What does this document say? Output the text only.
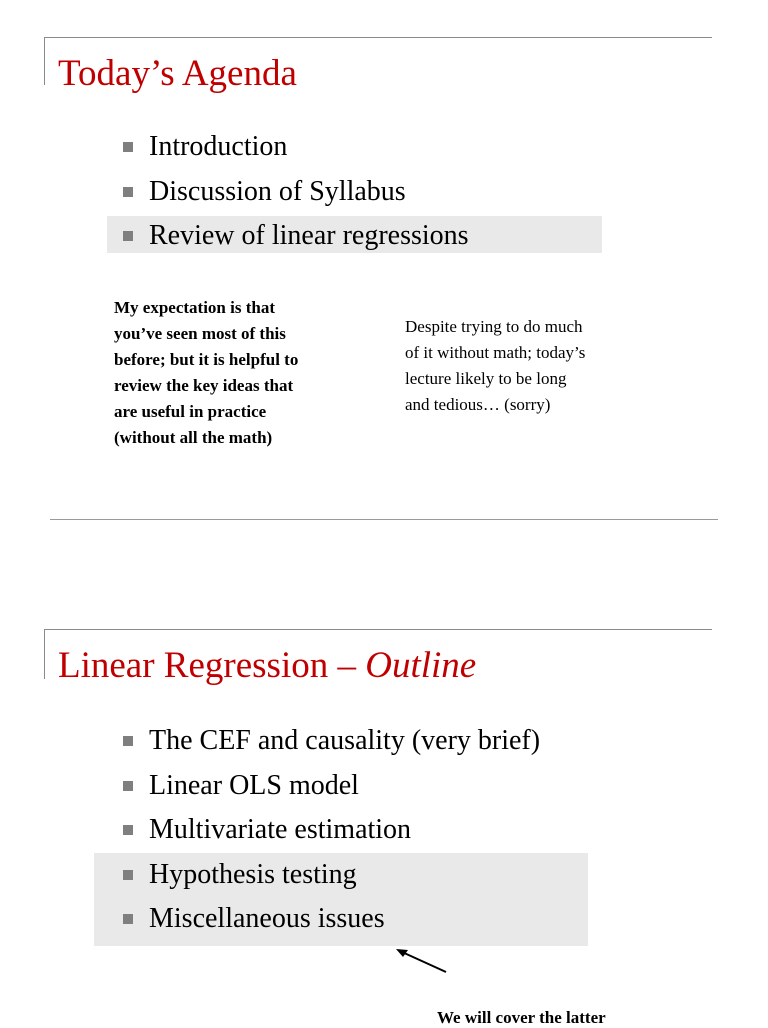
Today’s Agenda
Introduction
Discussion of Syllabus
Review of linear regressions
My expectation is that
you’ve seen most of this
before; but it is helpful to
review the key ideas that
are useful in practice
(without all the math)
Despite trying to do much
of it without math; today’s
lecture likely to be long
and tedious… (sorry)
Linear Regression – Outline
The CEF and causality (very brief)
Linear OLS model
Multivariate estimation
Hypothesis testing
Miscellaneous issues
We will cover the latter
